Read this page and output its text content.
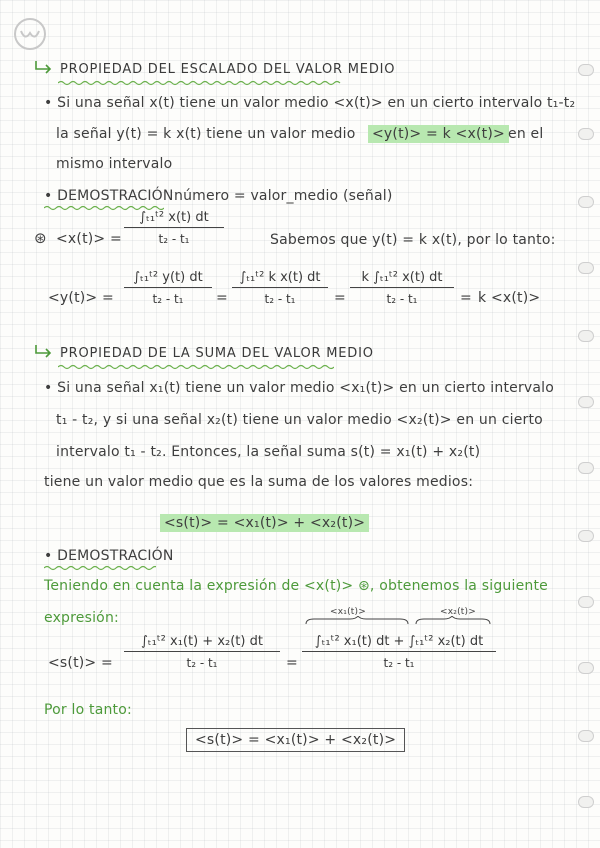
PROPIEDAD DEL ESCALADO DEL VALOR MEDIO
• Si una señal x(t) tiene un valor medio <x(t)> en un cierto intervalo t₁-t₂
la señal y(t) = k x(t) tiene un valor medio <y(t)> = k <x(t)> en el
mismo intervalo
• DEMOSTRACIÓN número = valor_medio (señal)
⊛ <x(t)> =
∫ₜ₁ᵗ² x(t) dt
t₂ - t₁	Sabemos que y(t) = k x(t), por lo tanto:
<y(t)> =
∫ₜ₁ᵗ² y(t) dt
t₂ - t₁ =
∫ₜ₁ᵗ² k x(t) dt
t₂ - t₁	=
k ∫ₜ₁ᵗ² x(t) dt
t₂ - t₁	= k <x(t)>
PROPIEDAD DE LA SUMA DEL VALOR MEDIO
• Si una señal x₁(t) tiene un valor medio <x₁(t)> en un cierto intervalo
t₁ - t₂, y si una señal x₂(t) tiene un valor medio <x₂(t)> en un cierto
intervalo t₁ - t₂. Entonces, la señal suma s(t) = x₁(t) + x₂(t)
tiene un valor medio que es la suma de los valores medios:
<s(t)> = <x₁(t)> + <x₂(t)>
• DEMOSTRACIÓN
Teniendo en cuenta la expresión de <x(t)> ⊛, obtenemos la siguiente
expresión:	<x₁(t)>	<x₂(t)>
<s(t)> =
∫ₜ₁ᵗ² x₁(t) + x₂(t) dt
t₂ - t₁	=
∫ₜ₁ᵗ² x₁(t) dt + ∫ₜ₁ᵗ² x₂(t) dt
t₂ - t₁
Por lo tanto:
<s(t)> = <x₁(t)> + <x₂(t)>
